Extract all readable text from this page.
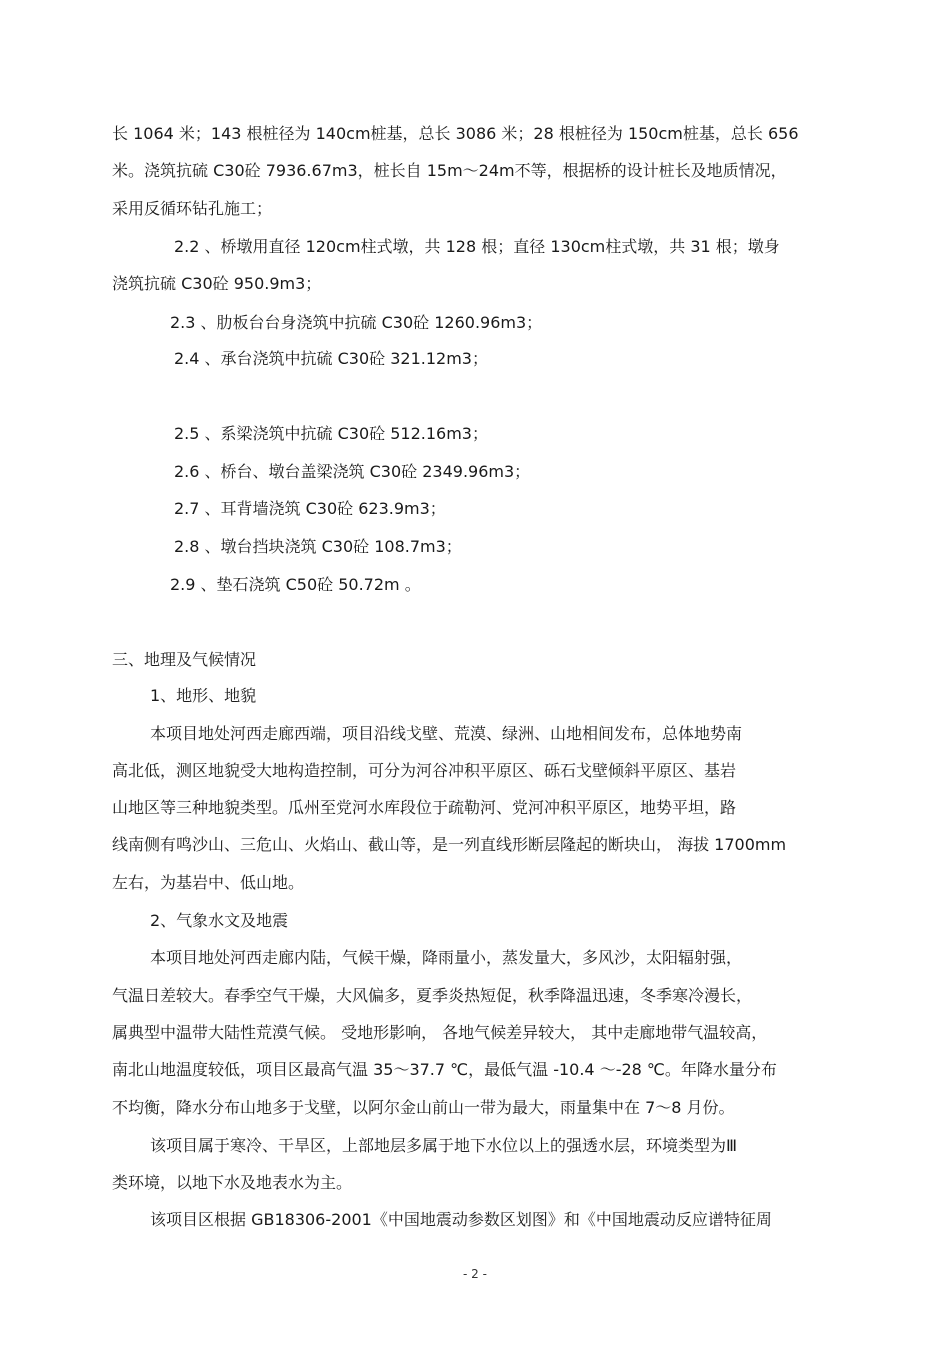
长 1064 米；143 根桩径为 140cm桩基，总长 3086 米；28 根桩径为 150cm桩基，总长 656
米。浇筑抗硫 C30砼 7936.67m3，桩长自 15m～24m不等，根据桥的设计桩长及地质情况，
采用反循环钻孔施工；
2.2 、桥墩用直径 120cm柱式墩，共 128 根；直径 130cm柱式墩，共 31 根；墩身
浇筑抗硫 C30砼 950.9m3；
2.3 、肋板台台身浇筑中抗硫 C30砼 1260.96m3；
2.4 、承台浇筑中抗硫 C30砼 321.12m3；
2.5 、系梁浇筑中抗硫 C30砼 512.16m3；
2.6 、桥台、墩台盖梁浇筑 C30砼 2349.96m3；
2.7 、耳背墙浇筑 C30砼 623.9m3；
2.8 、墩台挡块浇筑 C30砼 108.7m3；
2.9 、垫石浇筑 C50砼 50.72m 。
三、地理及气候情况
1、地形、地貌
本项目地处河西走廊西端，项目沿线戈壁、荒漠、绿洲、山地相间发布，总体地势南
高北低，测区地貌受大地构造控制，可分为河谷冲积平原区、砾石戈壁倾斜平原区、基岩
山地区等三种地貌类型。瓜州至党河水库段位于疏勒河、党河冲积平原区，地势平坦，路
线南侧有鸣沙山、三危山、火焰山、截山等，是一列直线形断层隆起的断块山， 海拔 1700mm
左右，为基岩中、低山地。
2、气象水文及地震
本项目地处河西走廊内陆，气候干燥，降雨量小，蒸发量大，多风沙，太阳辐射强，
气温日差较大。春季空气干燥，大风偏多，夏季炎热短促，秋季降温迅速，冬季寒冷漫长，
属典型中温带大陆性荒漠气候。 受地形影响， 各地气候差异较大， 其中走廊地带气温较高，
南北山地温度较低，项目区最高气温 35～37.7 ℃，最低气温 -10.4 ～-28 ℃。年降水量分布
不均衡，降水分布山地多于戈壁，以阿尔金山前山一带为最大，雨量集中在 7～8 月份。
该项目属于寒冷、干旱区，上部地层多属于地下水位以上的强透水层，环境类型为Ⅲ
类环境，以地下水及地表水为主。
该项目区根据 GB18306-2001《中国地震动参数区划图》和《中国地震动反应谱特征周
- 2 -
